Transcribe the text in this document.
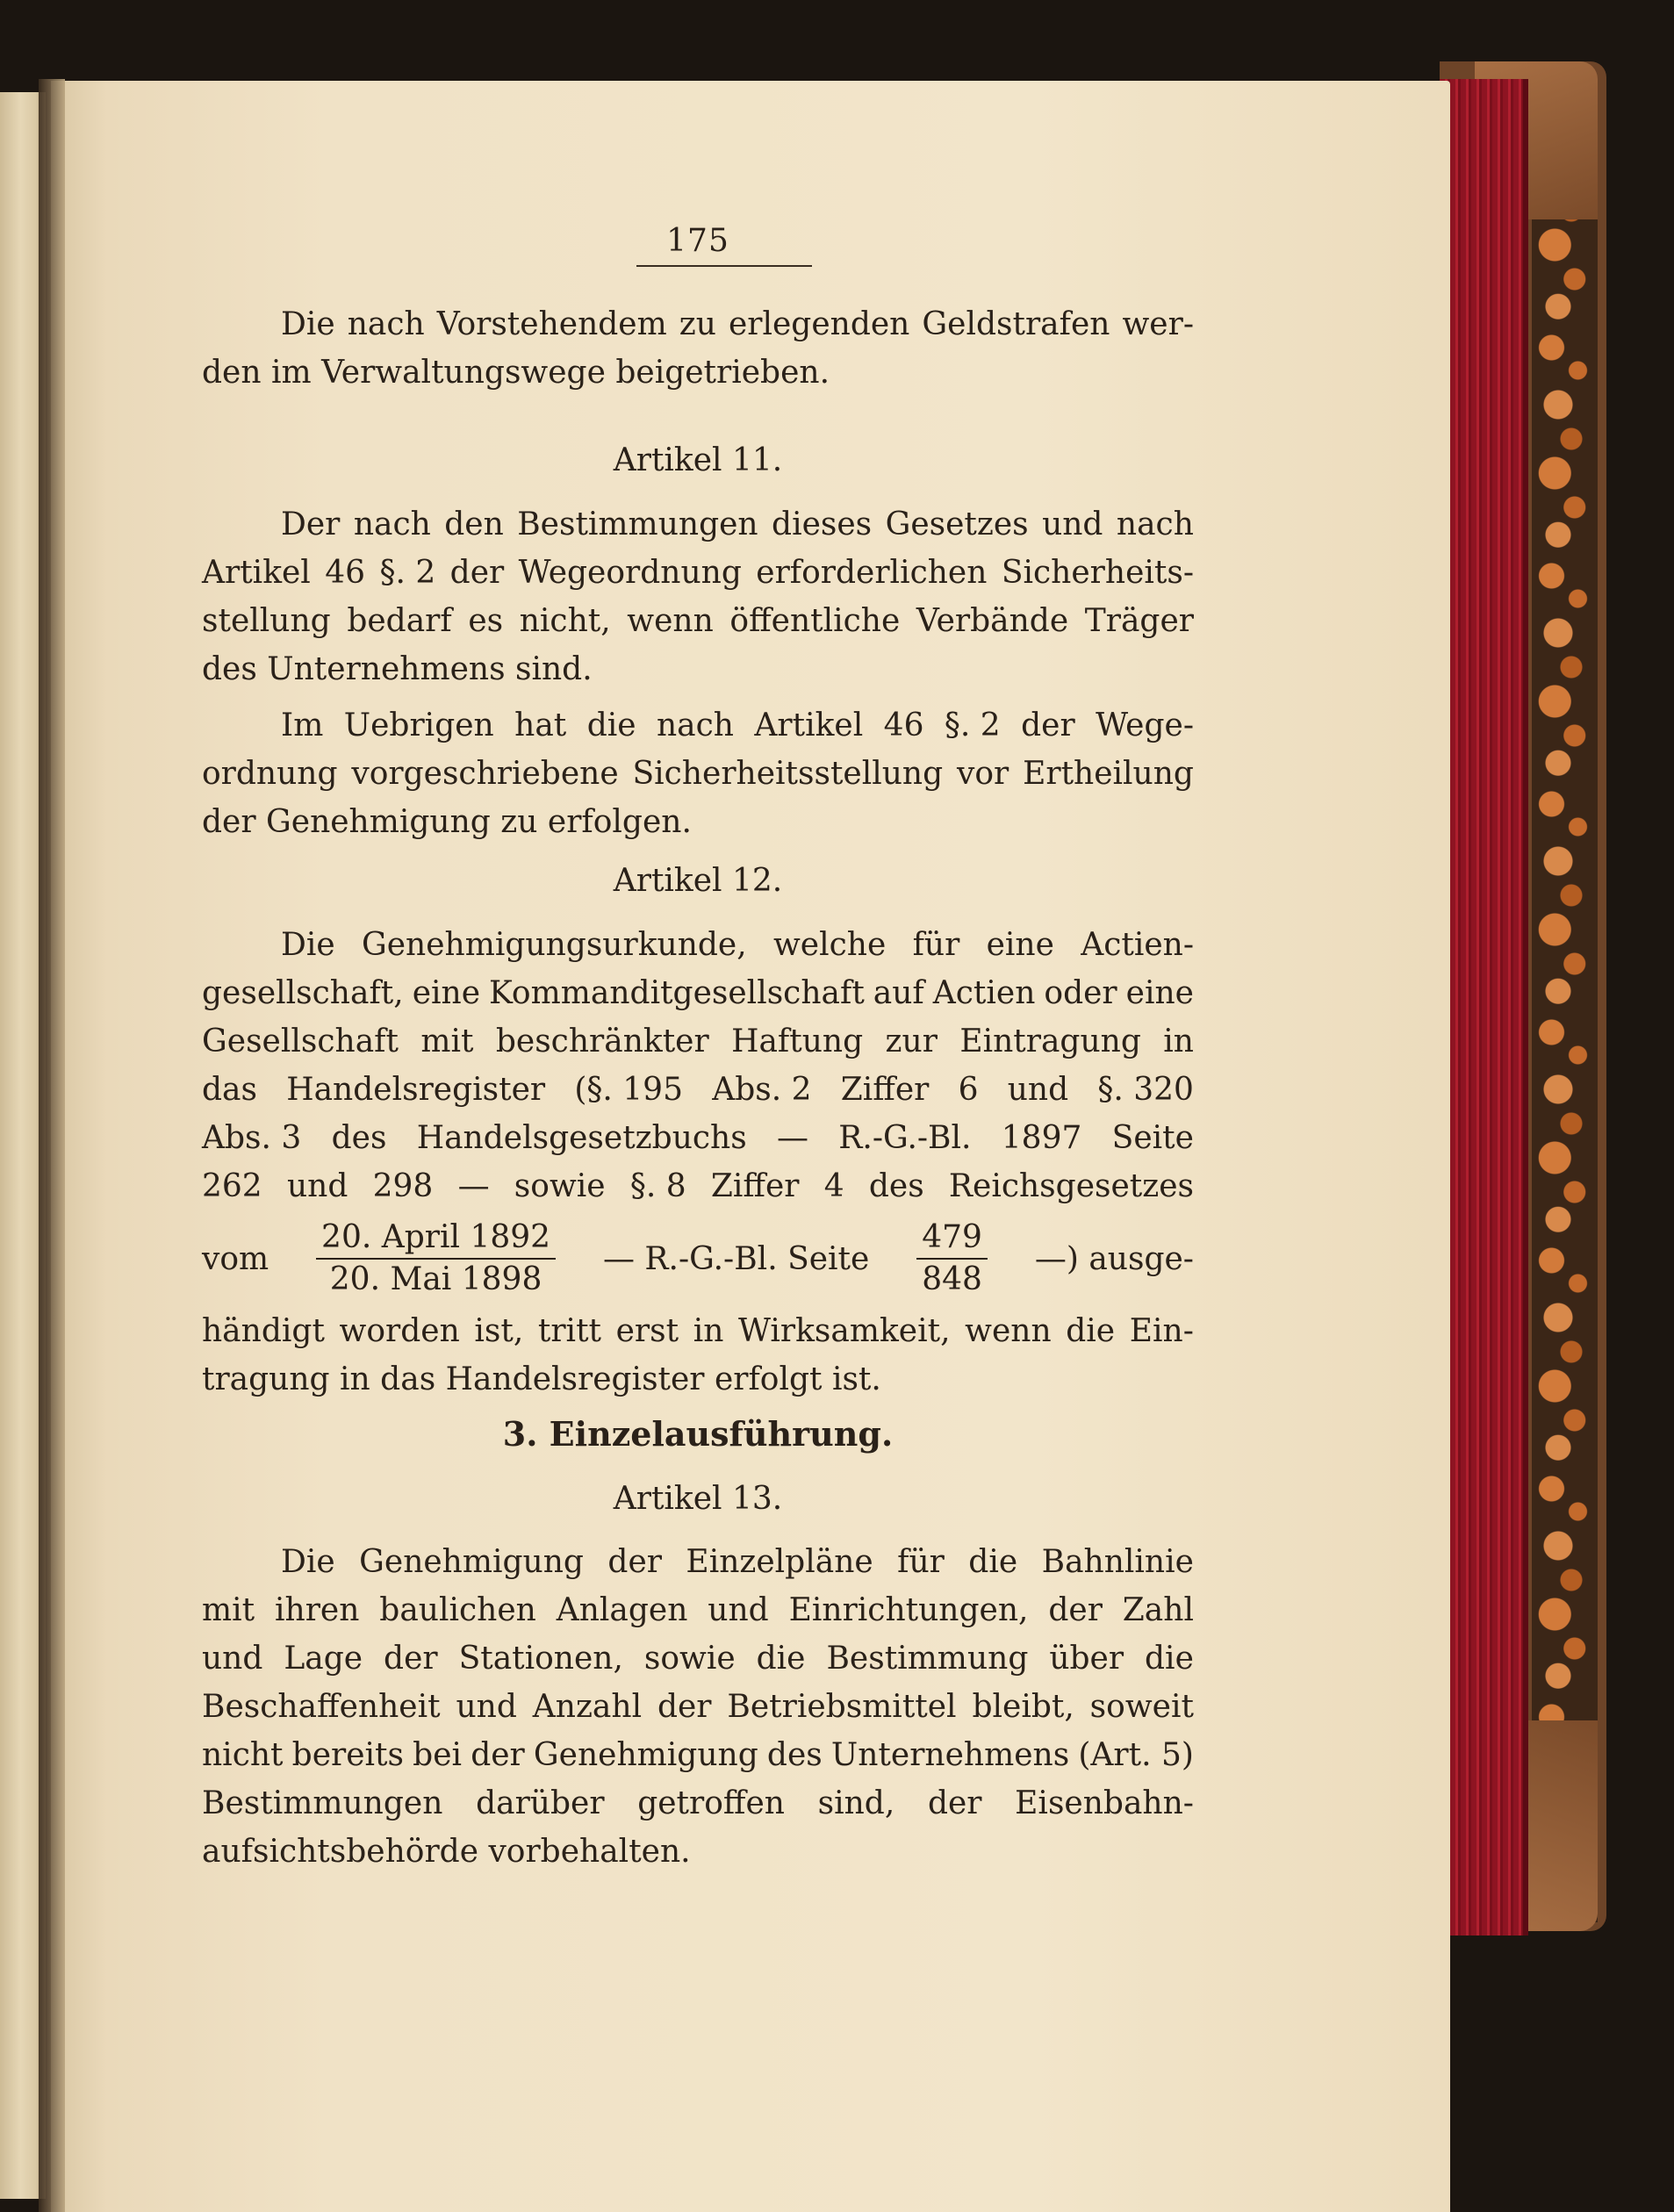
175
Die nach Vorstehendem zu erlegenden Geldstrafen wer-
den im Verwaltungswege beigetrieben.
Artikel 11.
Der nach den Bestimmungen dieses Gesetzes und nach
Artikel 46 §. 2 der Wegeordnung erforderlichen Sicherheits-
stellung bedarf es nicht, wenn öffentliche Verbände Träger
des Unternehmens sind.
Im Uebrigen hat die nach Artikel 46 §. 2 der Wege-
ordnung vorgeschriebene Sicherheitsstellung vor Ertheilung
der Genehmigung zu erfolgen.
Artikel 12.
Die Genehmigungsurkunde, welche für eine Actien-
gesellschaft, eine Kommanditgesellschaft auf Actien oder eine
Gesellschaft mit beschränkter Haftung zur Eintragung in
das Handelsregister (§. 195 Abs. 2 Ziffer 6 und §. 320
Abs. 3 des Handelsgesetzbuchs — R.-G.-Bl. 1897 Seite
262 und 298 — sowie §. 8 Ziffer 4 des Reichsgesetzes
vom $\frac{\text{20. April 1892}}{\text{20. Mai 1898}}$ — R.-G.-Bl. Seite $\frac{479}{848}$ —) ausge-
händigt worden ist, tritt erst in Wirksamkeit, wenn die Ein-
tragung in das Handelsregister erfolgt ist.
3. Einzelausführung.
Artikel 13.
Die Genehmigung der Einzelpläne für die Bahnlinie
mit ihren baulichen Anlagen und Einrichtungen, der Zahl
und Lage der Stationen, sowie die Bestimmung über die
Beschaffenheit und Anzahl der Betriebsmittel bleibt, soweit
nicht bereits bei der Genehmigung des Unternehmens (Art. 5)
Bestimmungen darüber getroffen sind, der Eisenbahn-
aufsichtsbehörde vorbehalten.
